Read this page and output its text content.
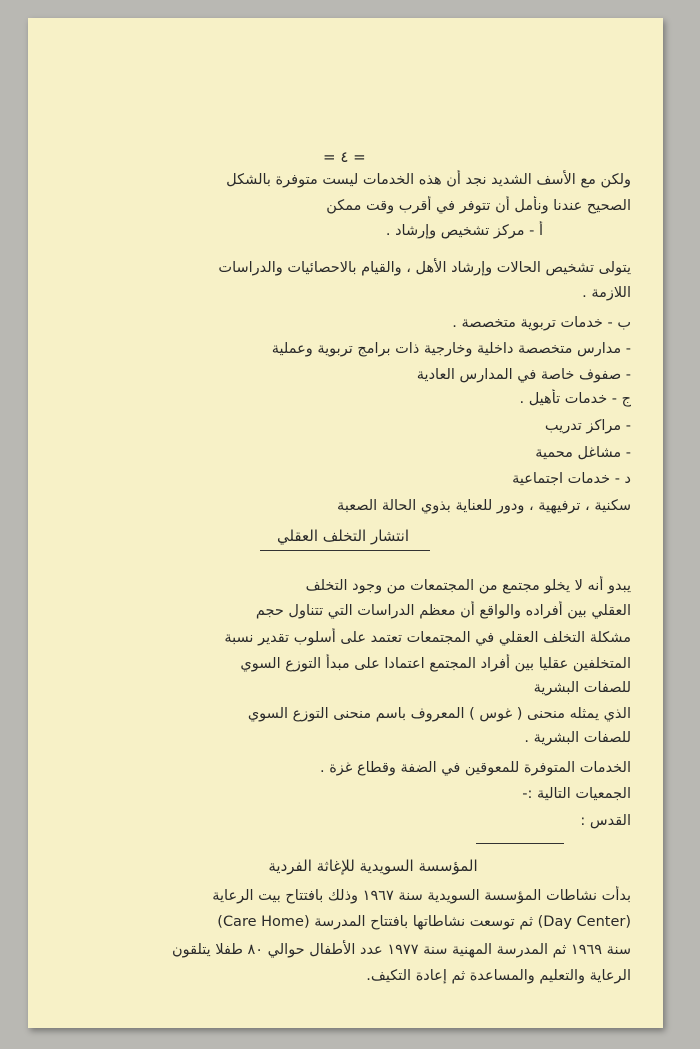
= ٤ =
ولكن مع الأسف الشديد نجد أن هذه الخدمات ليست متوفرة بالشكل
الصحيح عندنا ونأمل أن تتوفر في أقرب وقت ممكن
أ - مركز تشخيص وإرشاد .
يتولى تشخيص الحالات وإرشاد الأهل ، والقيام بالاحصائيات والدراسات
اللازمة .
ب - خدمات تربوية متخصصة .
- مدارس متخصصة داخلية وخارجية ذات برامج تربوية وعملية
- صفوف خاصة في المدارس العادية
ج - خدمات تأهيل .
- مراكز تدريب
- مشاغل محمية
د - خدمات اجتماعية
سكنية ، ترفيهية ، ودور للعناية بذوي الحالة الصعبة
انتشار التخلف العقلي
يبدو أنه لا يخلو مجتمع من المجتمعات من وجود التخلف
العقلي بين أفراده والواقع أن معظم الدراسات التي تتناول حجم
مشكلة التخلف العقلي في المجتمعات تعتمد على أسلوب تقدير نسبة
المتخلفين عقليا بين أفراد المجتمع اعتمادا على مبدأ التوزع السوي
للصفات البشرية
الذي يمثله منحنى ( غوس ) المعروف باسم منحنى التوزع السوي
للصفات البشرية .
الخدمات المتوفرة للمعوقين في الضفة وقطاع غزة .
الجمعيات التالية :-
القدس :
المؤسسة السويدية للإغاثة الفردية
بدأت نشاطات المؤسسة السويدية سنة ١٩٦٧ وذلك بافتتاح بيت الرعاية
(Day Center) ثم توسعت نشاطاتها بافتتاح المدرسة (Care Home)
سنة ١٩٦٩ ثم المدرسة المهنية سنة ١٩٧٧ عدد الأطفال حوالي ٨٠ طفلا يتلقون
الرعاية والتعليم والمساعدة ثم إعادة التكيف.
